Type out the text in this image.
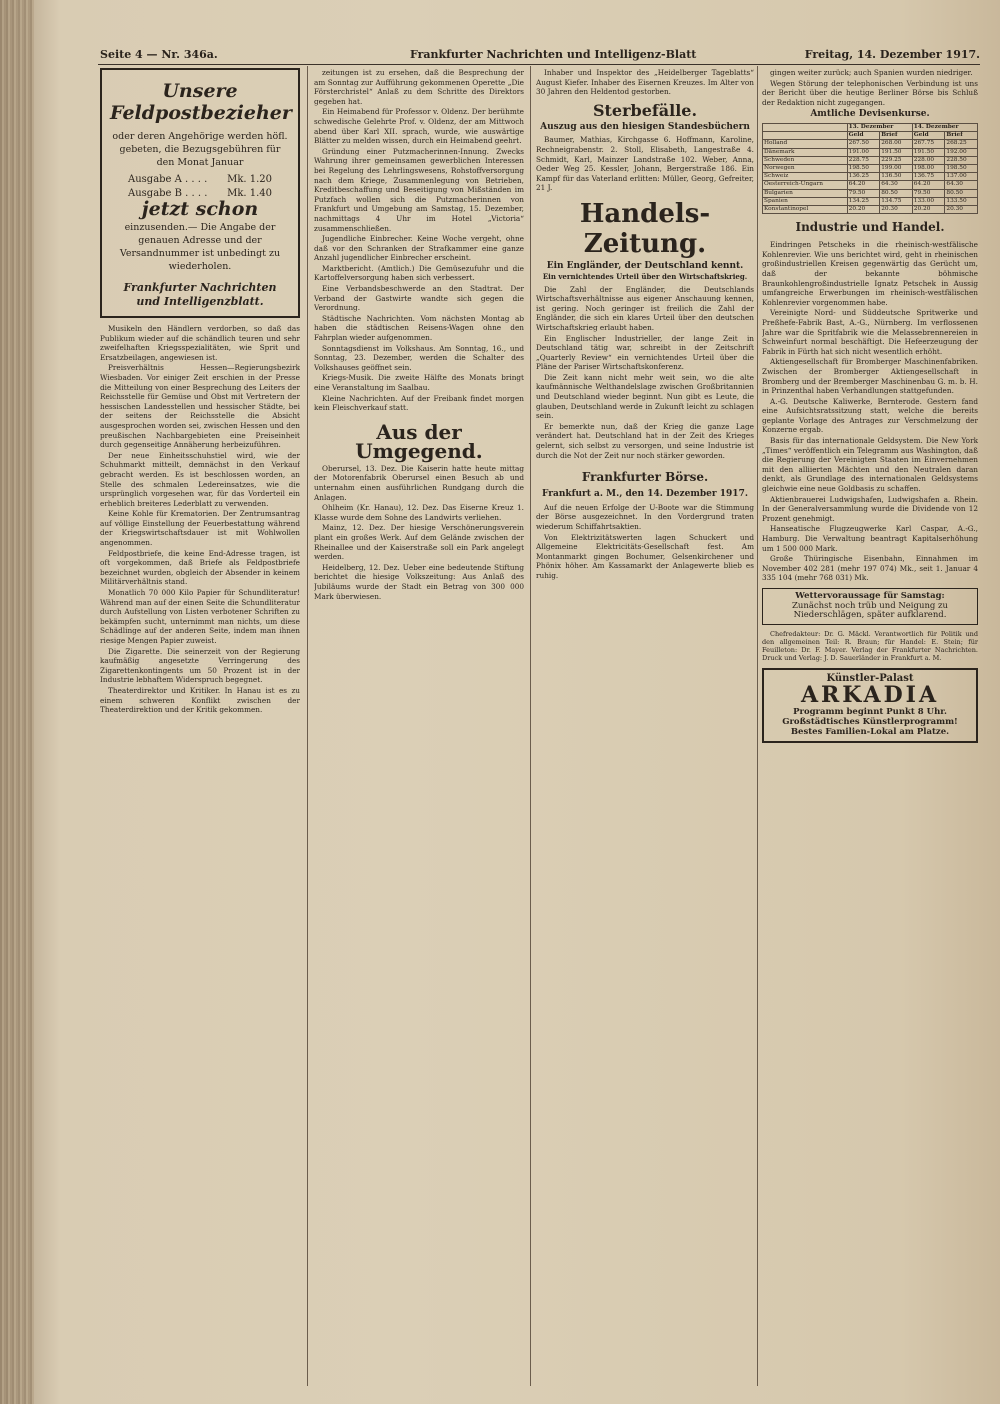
Seite 4 — Nr. 346a.	Frankfurter Nachrichten und Intelligenz-Blatt	Freitag, 14. Dezember 1917.
Unsere
Feldpostbezieher
oder deren Angehörige werden höfl. gebeten, die Bezugsgebühren für den Monat Januar
Ausgabe A . . . . Mk. 1.20
Ausgabe B . . . . Mk. 1.40
jetzt schon
einzusenden.— Die Angabe der genauen Adresse und der Versandnummer ist unbedingt zu wiederholen.
Frankfurter Nachrichten
und Intelligenzblatt.

Musikeln den Händlern verdorben, so daß das Publikum wieder auf die schändlich teuren und sehr zweifelhaften Kriegsspezialitäten, wie Sprit und Ersatzbeilagen, angewiesen ist.

Preisverhältnis Hessen—Regierungsbezirk Wiesbaden. Vor einiger Zeit erschien in der Presse die Mitteilung von einer Besprechung des Leiters der Reichsstelle für Gemüse und Obst mit Vertretern der hessischen Landesstellen und hessischer Städte, bei der seitens der Reichsstelle die Absicht ausgesprochen worden sei, zwischen Hessen und den preußischen Nachbargebieten eine Preiseinheit durch gegenseitige Annäherung herbeizuführen.

Der neue Einheitsschuhstiel wird, wie der Schuhmarkt mitteilt, demnächst in den Verkauf gebracht werden. Es ist beschlossen worden, an Stelle des schmalen Ledereinsatzes, wie die ursprünglich vorgesehen war, für das Vorderteil ein erheblich breiteres Lederblatt zu verwenden.

Keine Kohle für Krematorien. Der Zentrumsantrag auf völlige Einstellung der Feuerbestattung während der Kriegswirtschaftsdauer ist mit Wohlwollen angenommen.

Feldpostbriefe, die keine End-Adresse tragen, ist oft vorgekommen, daß Briefe als Feldpostbriefe bezeichnet wurden, obgleich der Absender in keinem Militärverhältnis stand.

Monatlich 70 000 Kilo Papier für Schundliteratur! Während man auf der einen Seite die Schundliteratur durch Aufstellung von Listen verbotener Schriften zu bekämpfen sucht, unternimmt man nichts, um diese Schädlinge auf der anderen Seite, indem man ihnen riesige Mengen Papier zuweist.

Die Zigarette. Die seinerzeit von der Regierung kaufmäßig angesetzte Verringerung des Zigarettenkontingents um 50 Prozent ist in der Industrie lebhaftem Widerspruch begegnet.

Theaterdirektor und Kritiker. In Hanau ist es zu einem schweren Konflikt zwischen der Theaterdirektion und der Kritik gekommen.

zeitungen ist zu ersehen, daß die Besprechung der am Sonntag zur Aufführung gekommenen Operette „Die Försterchristel“ Anlaß zu dem Schritte des Direktors gegeben hat.

Ein Heimabend für Professor v. Oldenz. Der berühmte schwedische Gelehrte Prof. v. Oldenz, der am Mittwoch abend über Karl XII. sprach, wurde, wie auswärtige Blätter zu melden wissen, durch ein Heimabend geehrt.

Gründung einer Putzmacherinnen-Innung. Zwecks Wahrung ihrer gemeinsamen gewerblichen Interessen bei Regelung des Lehrlingswesens, Rohstoffversorgung nach dem Kriege, Zusammenlegung von Betrieben, Kreditbeschaffung und Beseitigung von Mißständen im Putzfach wollen sich die Putzmacherinnen von Frankfurt und Umgebung am Samstag, 15. Dezember, nachmittags 4 Uhr im Hotel „Victoria“ zusammenschließen.

Jugendliche Einbrecher. Keine Woche vergeht, ohne daß vor den Schranken der Strafkammer eine ganze Anzahl jugendlicher Einbrecher erscheint.

Marktbericht. (Amtlich.) Die Gemüsezufuhr und die Kartoffelversorgung haben sich verbessert.

Eine Verbandsbeschwerde an den Stadtrat. Der Verband der Gastwirte wandte sich gegen die Verordnung.

Städtische Nachrichten. Vom nächsten Montag ab haben die städtischen Reisens-Wagen ohne den Fahrplan wieder aufgenommen.

Sonntagsdienst im Volkshaus. Am Sonntag, 16., und Sonntag, 23. Dezember, werden die Schalter des Volkshauses geöffnet sein.

Kriegs-Musik. Die zweite Hälfte des Monats bringt eine Veranstaltung im Saalbau.

Kleine Nachrichten. Auf der Freibank findet morgen kein Fleischverkauf statt.

Aus der Umgegend.

Oberursel, 13. Dez. Die Kaiserin hatte heute mittag der Motorenfabrik Oberursel einen Besuch ab und unternahm einen ausführlichen Rundgang durch die Anlagen.

Ohlheim (Kr. Hanau), 12. Dez. Das Eiserne Kreuz 1. Klasse wurde dem Sohne des Landwirts verliehen.

Mainz, 12. Dez. Der hiesige Verschönerungsverein plant ein großes Werk. Auf dem Gelände zwischen der Rheinallee und der Kaiserstraße soll ein Park angelegt werden.

Heidelberg, 12. Dez. Ueber eine bedeutende Stiftung berichtet die hiesige Volkszeitung: Aus Anlaß des Jubiläums wurde der Stadt ein Betrag von 300 000 Mark überwiesen.

Inhaber und Inspektor des „Heidelberger Tageblatts“ August Kiefer. Inhaber des Eisernen Kreuzes. Im Alter von 30 Jahren den Heldentod gestorben.

Sterbefälle.
Auszug aus den hiesigen Standesbüchern

Baumer, Mathias, Kirchgasse 6. Hoffmann, Karoline, Rechneigrabenstr. 2. Stoll, Elisabeth, Langestraße 4. Schmidt, Karl, Mainzer Landstraße 102. Weber, Anna, Oeder Weg 25. Kessler, Johann, Bergerstraße 186. Ein Kampf für das Vaterland erlitten: Müller, Georg, Gefreiter, 21 J.

Handels-Zeitung.
Ein Engländer, der Deutschland kennt.
Ein vernichtendes Urteil über den Wirtschaftskrieg.

Die Zahl der Engländer, die Deutschlands Wirtschaftsverhältnisse aus eigener Anschauung kennen, ist gering. Noch geringer ist freilich die Zahl der Engländer, die sich ein klares Urteil über den deutschen Wirtschaftskrieg erlaubt haben.

Ein Englischer Industrieller, der lange Zeit in Deutschland tätig war, schreibt in der Zeitschrift „Quarterly Review“ ein vernichtendes Urteil über die Pläne der Pariser Wirtschaftskonferenz.

Die Zeit kann nicht mehr weit sein, wo die alte kaufmännische Welthandelslage zwischen Großbritannien und Deutschland wieder beginnt. Nun gibt es Leute, die glauben, Deutschland werde in Zukunft leicht zu schlagen sein.

Er bemerkte nun, daß der Krieg die ganze Lage verändert hat. Deutschland hat in der Zeit des Krieges gelernt, sich selbst zu versorgen, und seine Industrie ist durch die Not der Zeit nur noch stärker geworden.

Frankfurter Börse.
Frankfurt a. M., den 14. Dezember 1917.

Auf die neuen Erfolge der U-Boote war die Stimmung der Börse ausgezeichnet. In den Vordergrund traten wiederum Schiffahrtsaktien.

Von Elektrizitätswerten lagen Schuckert und Allgemeine Elektricitäts-Gesellschaft fest. Am Montanmarkt gingen Bochumer, Gelsenkirchener und Phönix höher. Am Kassamarkt der Anlagewerte blieb es ruhig.

gingen weiter zurück; auch Spanien wurden niedriger.

Wegen Störung der telephonischen Verbindung ist uns der Bericht über die heutige Berliner Börse bis Schluß der Redaktion nicht zugegangen.

Amtliche Devisenkurse.
	13. Dezember		14. Dezember	
	Geld	Brief	Geld	Brief
Holland	267.50	268.00	267.75	268.25
Dänemark	191.00	191.50	191.50	192.00
Schweden	228.75	229.25	228.00	228.50
Norwegen	198.50	199.00	198.00	198.50
Schweiz	136.25	136.50	136.75	137.00
Oesterreich-Ungarn	64.20	64.30	64.20	64.30
Bulgarien	79.50	80.50	79.50	80.50
Spanien	134.25	134.75	133.00	133.50
Konstantinopel	20.20	20.30	20.20	20.30
Industrie und Handel.

Eindringen Petscheks in die rheinisch-westfälische Kohlenrevier. Wie uns berichtet wird, geht in rheinischen großindustriellen Kreisen gegenwärtig das Gerücht um, daß der bekannte böhmische Braunkohlengroßindustrielle Ignatz Petschek in Aussig umfangreiche Erwerbungen im rheinisch-westfälischen Kohlenrevier vorgenommen habe.

Vereinigte Nord- und Süddeutsche Spritwerke und Preßhefe-Fabrik Bast, A.-G., Nürnberg. Im verflossenen Jahre war die Spritfabrik wie die Melassebrennereien in Schweinfurt normal beschäftigt. Die Hefeerzeugung der Fabrik in Fürth hat sich nicht wesentlich erhöht.

Aktiengesellschaft für Bromberger Maschinenfabriken. Zwischen der Bromberger Aktiengesellschaft in Bromberg und der Bremberger Maschinenbau G. m. b. H. in Prinzenthal haben Verhandlungen stattgefunden.

A.-G. Deutsche Kaliwerke, Bernterode. Gestern fand eine Aufsichtsratssitzung statt, welche die bereits geplante Vorlage des Antrages zur Verschmelzung der Konzerne ergab.

Basis für das internationale Geldsystem. Die New York „Times“ veröffentlich ein Telegramm aus Washington, daß die Regierung der Vereinigten Staaten im Einvernehmen mit den alliierten Mächten und den Neutralen daran denkt, als Grundlage des internationalen Geldsystems gleichwie eine neue Goldbasis zu schaffen.

Aktienbrauerei Ludwigshafen, Ludwigshafen a. Rhein. In der Generalversammlung wurde die Dividende von 12 Prozent genehmigt.

Hanseatische Flugzeugwerke Karl Caspar, A.-G., Hamburg. Die Verwaltung beantragt Kapitalserhöhung um 1 500 000 Mark.

Große Thüringische Eisenbahn, Einnahmen im November 402 281 (mehr 197 074) Mk., seit 1. Januar 4 335 104 (mehr 768 031) Mk.

Wettervoraussage für Samstag:
Zunächst noch trüb und Neigung zu Niederschlägen, später aufklarend.

Chefredakteur: Dr. G. Mäckl. Verantwortlich für Politik und den allgemeinen Teil: R. Braun; für Handel: E. Stein; für Feuilleton: Dr. F. Mayer. Verlag der Frankfurter Nachrichten. Druck und Verlag: J. D. Sauerländer in Frankfurt a. M.

Künstler-Palast
ARKADIA
Programm beginnt Punkt 8 Uhr.
Großstädtisches Künstlerprogramm!
Bestes Familien-Lokal am Platze.
